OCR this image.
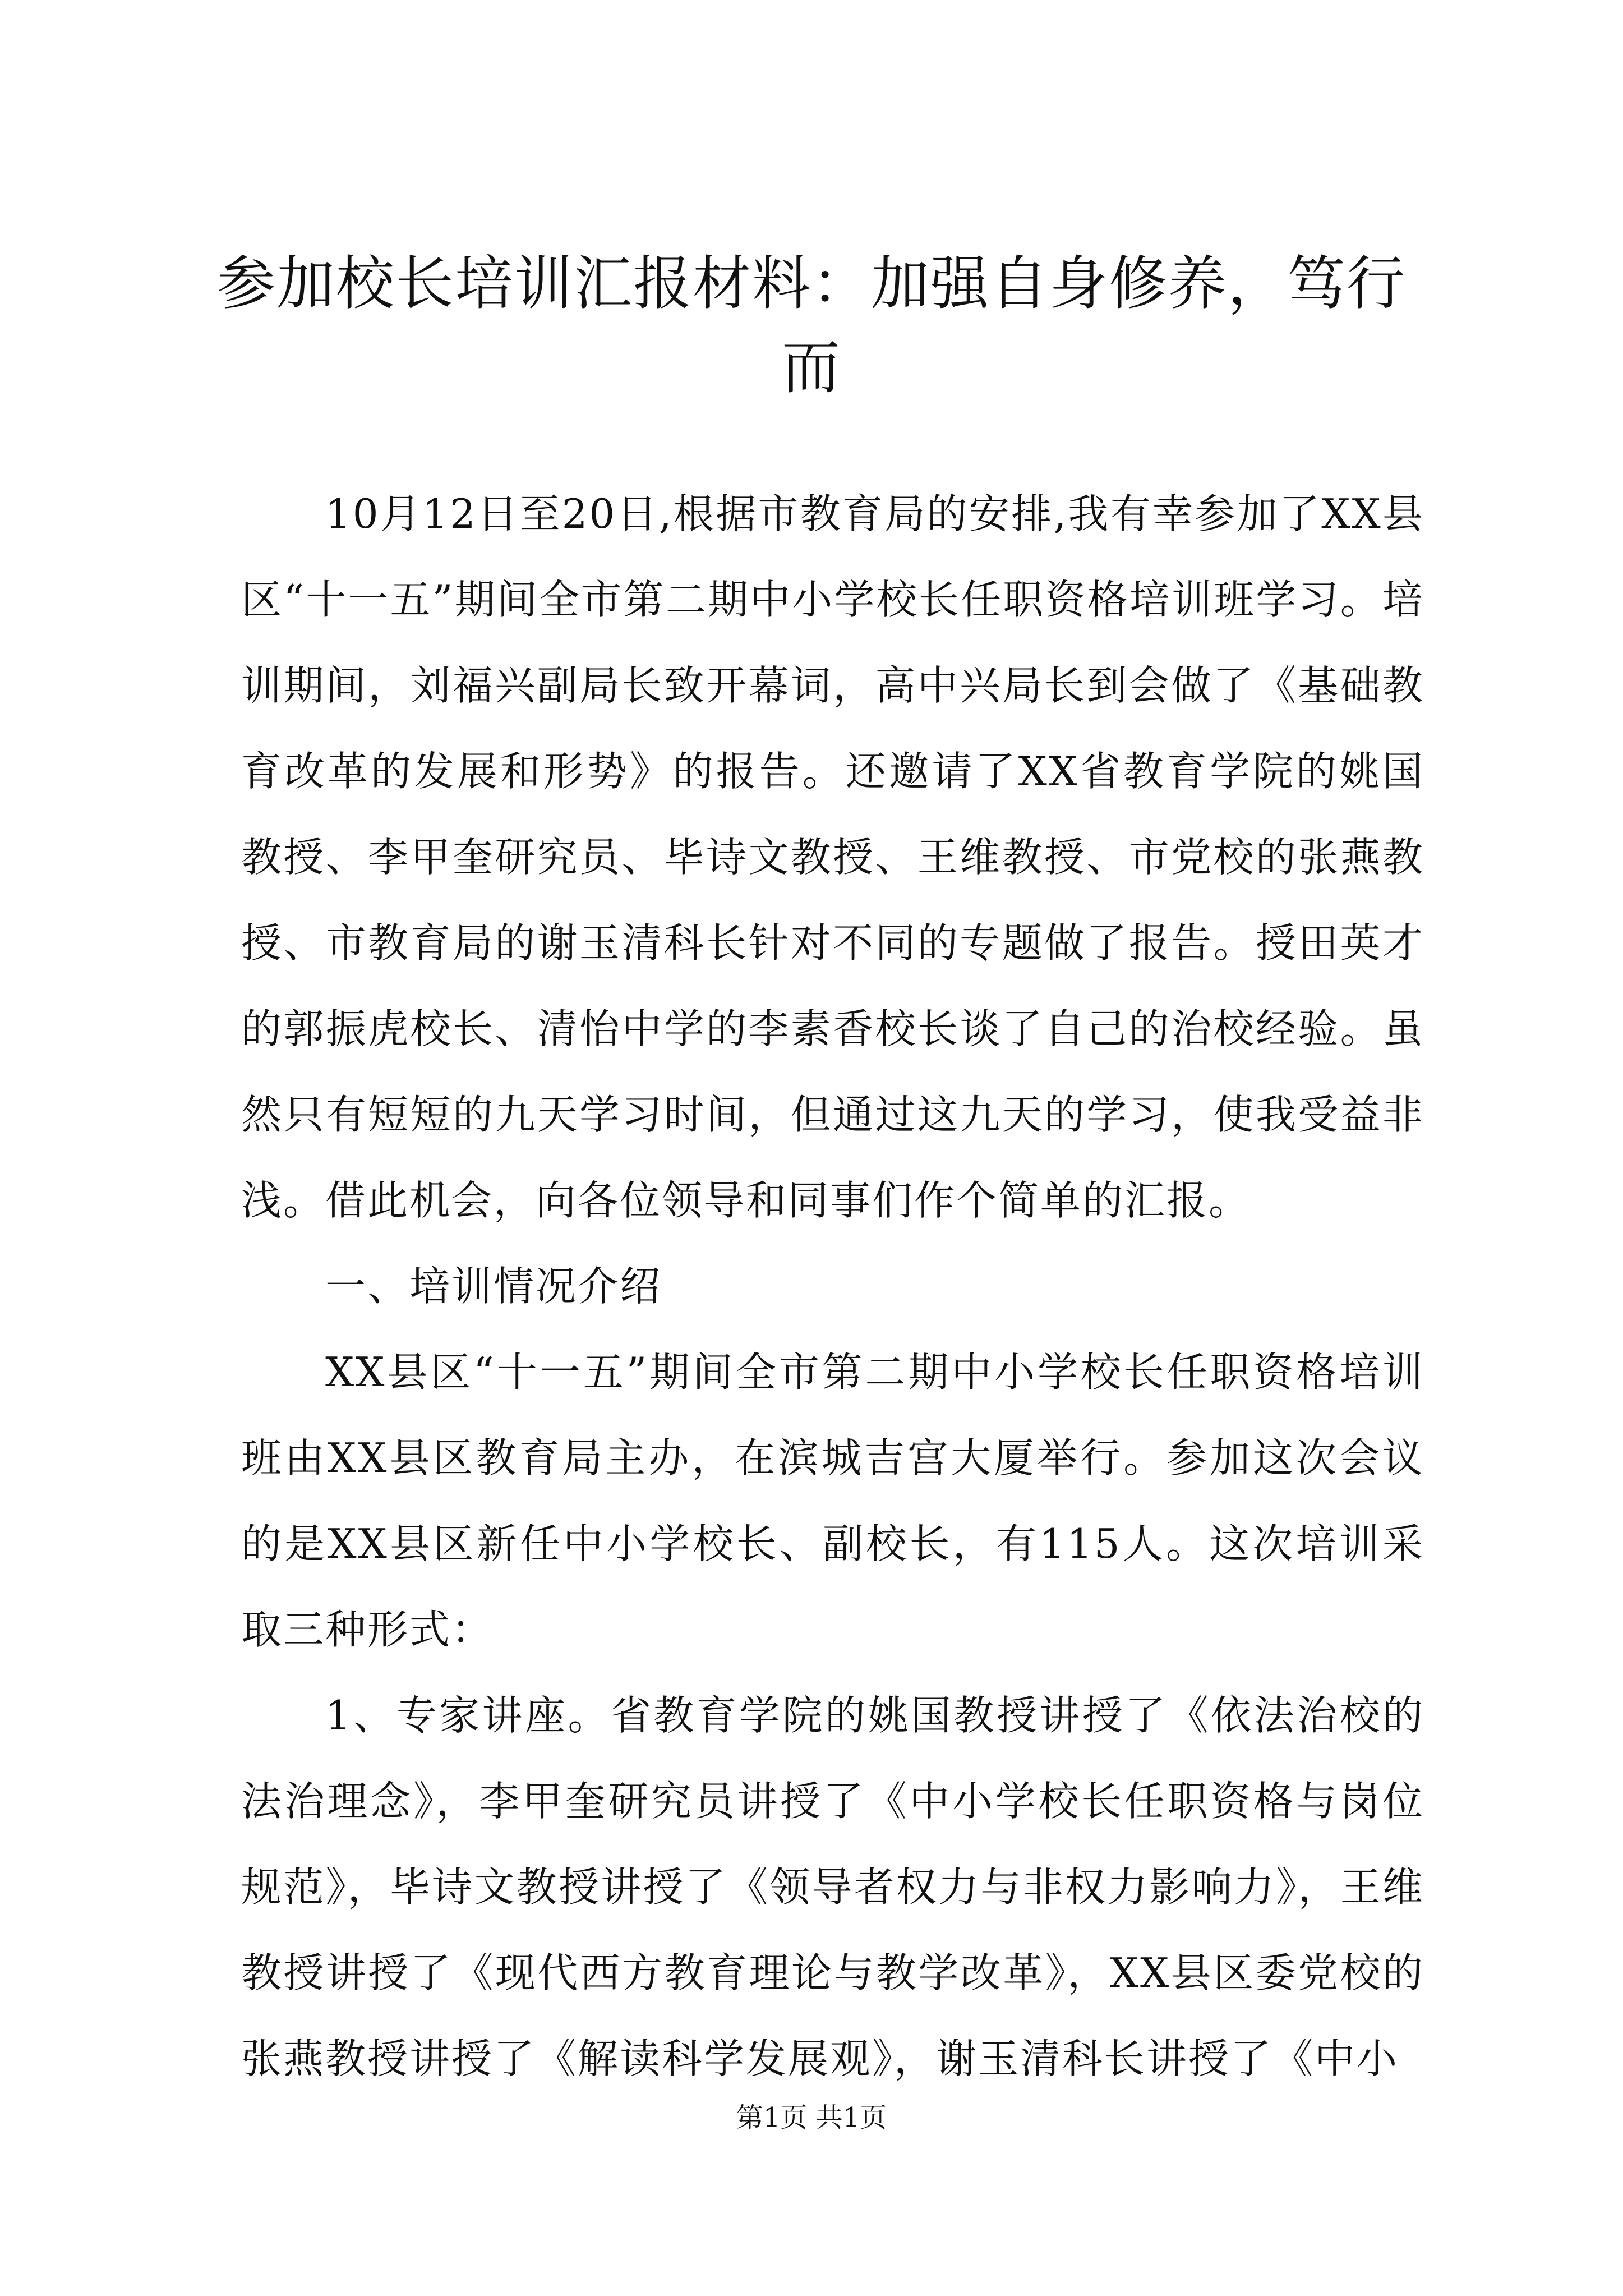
参加校长培训汇报材料：加强自身修养，笃行而

10月12日至20日,根据市教育局的安排,我有幸参加了XX县区“十一五”期间全市第二期中小学校长任职资格培训班学习。培训期间，刘福兴副局长致开幕词，高中兴局长到会做了《基础教育改革的发展和形势》的报告。还邀请了XX省教育学院的姚国教授、李甲奎研究员、毕诗文教授、王维教授、市党校的张燕教授、市教育局的谢玉清科长针对不同的专题做了报告。授田英才的郭振虎校长、清怡中学的李素香校长谈了自己的治校经验。虽然只有短短的九天学习时间，但通过这九天的学习，使我受益非浅。借此机会，向各位领导和同事们作个简单的汇报。

一、培训情况介绍

XX县区“十一五”期间全市第二期中小学校长任职资格培训班由XX县区教育局主办，在滨城吉宫大厦举行。参加这次会议的是XX县区新任中小学校长、副校长，有115人。这次培训采取三种形式：

1、专家讲座。省教育学院的姚国教授讲授了《依法治校的法治理念》，李甲奎研究员讲授了《中小学校长任职资格与岗位规范》，毕诗文教授讲授了《领导者权力与非权力影响力》，王维教授讲授了《现代西方教育理论与教学改革》，XX县区委党校的张燕教授讲授了《解读科学发展观》，谢玉清科长讲授了《中小

第1页 共1页
